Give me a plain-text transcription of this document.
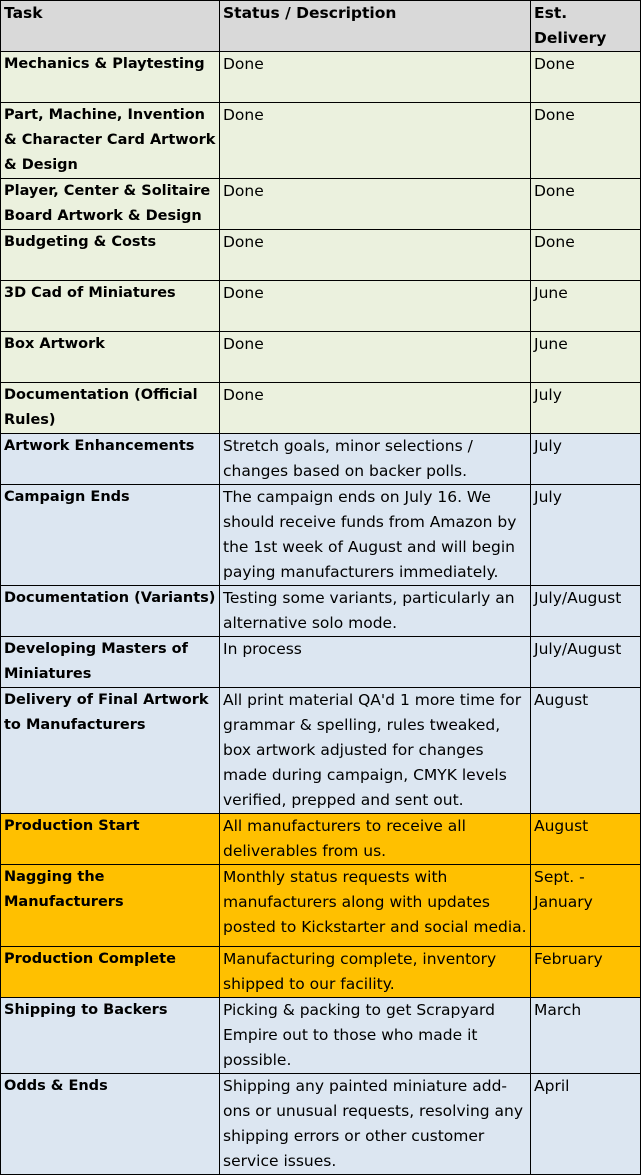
Task	Status / Description	Est. Delivery
Mechanics & Playtesting	Done	Done
Part, Machine, Invention & Character Card Artwork & Design	Done	Done
Player, Center & Solitaire Board Artwork & Design	Done	Done
Budgeting & Costs	Done	Done
3D Cad of Miniatures	Done	June
Box Artwork	Done	June
Documentation (Official Rules)	Done	July
Artwork Enhancements	Stretch goals, minor selections / changes based on backer polls.	July
Campaign Ends	The campaign ends on July 16. We should receive funds from Amazon by the 1st week of August and will begin paying manufacturers immediately.	July
Documentation (Variants)	Testing some variants, particularly an alternative solo mode.	July/August
Developing Masters of Miniatures	In process	July/August
Delivery of Final Artwork to Manufacturers	All print material QA'd 1 more time for grammar & spelling, rules tweaked, box artwork adjusted for changes made during campaign, CMYK levels verified, prepped and sent out.	August
Production Start	All manufacturers to receive all deliverables from us.	August
Nagging the Manufacturers	Monthly status requests with manufacturers along with updates posted to Kickstarter and social media.	Sept. - January
Production Complete	Manufacturing complete, inventory shipped to our facility.	February
Shipping to Backers	Picking & packing to get Scrapyard Empire out to those who made it possible.	March
Odds & Ends	Shipping any painted miniature add-ons or unusual requests, resolving any shipping errors or other customer service issues.	April
